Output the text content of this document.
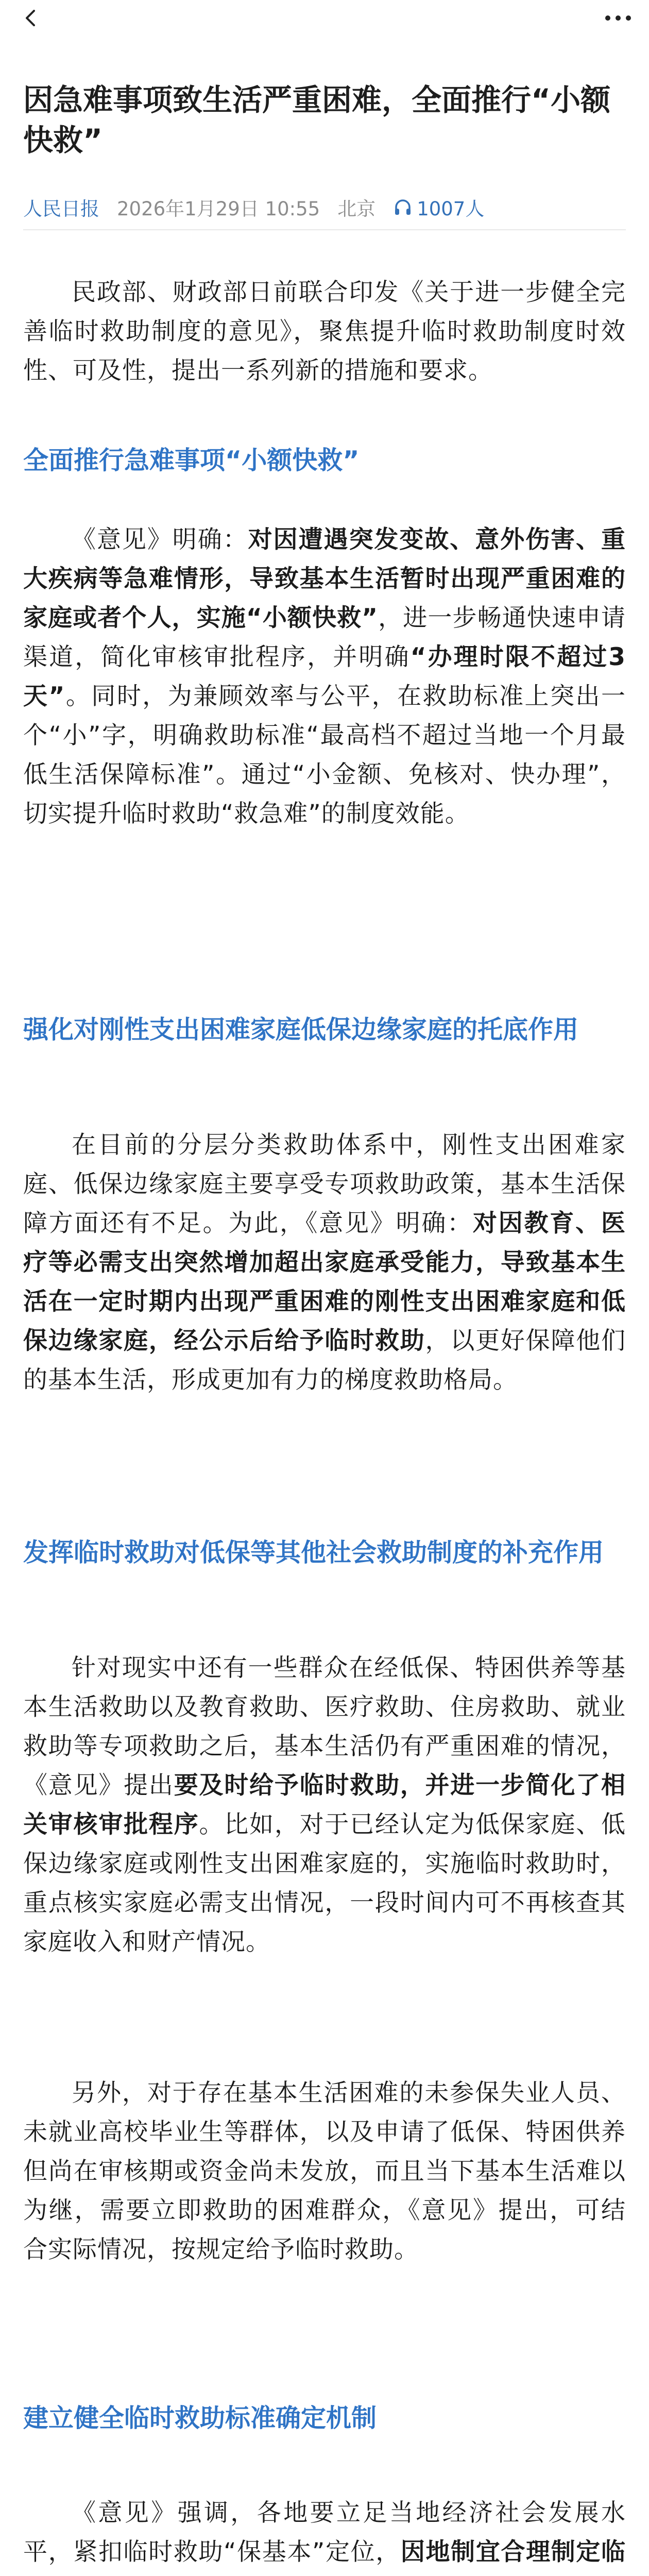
因急难事项致生活严重困难，全面推行“小额快救”
人民日报 2026年1月29日 10:55 北京 1007人

民政部、财政部日前联合印发《关于进一步健全完善临时救助制度的意见》，聚焦提升临时救助制度时效性、可及性，提出一系列新的措施和要求。

全面推行急难事项“小额快救”

《意见》明确：对因遭遇突发变故、意外伤害、重大疾病等急难情形，导致基本生活暂时出现严重困难的家庭或者个人，实施“小额快救”，进一步畅通快速申请渠道，简化审核审批程序，并明确“办理时限不超过3天”。同时，为兼顾效率与公平，在救助标准上突出一个“小”字，明确救助标准“最高档不超过当地一个月最低生活保障标准”。通过“小金额、免核对、快办理”，切实提升临时救助“救急难”的制度效能。

强化对刚性支出困难家庭低保边缘家庭的托底作用

在目前的分层分类救助体系中，刚性支出困难家庭、低保边缘家庭主要享受专项救助政策，基本生活保障方面还有不足。为此，《意见》明确：对因教育、医疗等必需支出突然增加超出家庭承受能力，导致基本生活在一定时期内出现严重困难的刚性支出困难家庭和低保边缘家庭，经公示后给予临时救助，以更好保障他们的基本生活，形成更加有力的梯度救助格局。

发挥临时救助对低保等其他社会救助制度的补充作用

针对现实中还有一些群众在经低保、特困供养等基本生活救助以及教育救助、医疗救助、住房救助、就业救助等专项救助之后，基本生活仍有严重困难的情况，《意见》提出要及时给予临时救助，并进一步简化了相关审核审批程序。比如，对于已经认定为低保家庭、低保边缘家庭或刚性支出困难家庭的，实施临时救助时，重点核实家庭必需支出情况，一段时间内可不再核查其家庭收入和财产情况。

另外，对于存在基本生活困难的未参保失业人员、未就业高校毕业生等群体，以及申请了低保、特困供养但尚在审核期或资金尚未发放，而且当下基本生活难以为继，需要立即救助的困难群众，《意见》提出，可结合实际情况，按规定给予临时救助。

建立健全临时救助标准确定机制

《意见》强调，各地要立足当地经济社会发展水平，紧扣临时救助“保基本”定位，因地制宜合理制定临
